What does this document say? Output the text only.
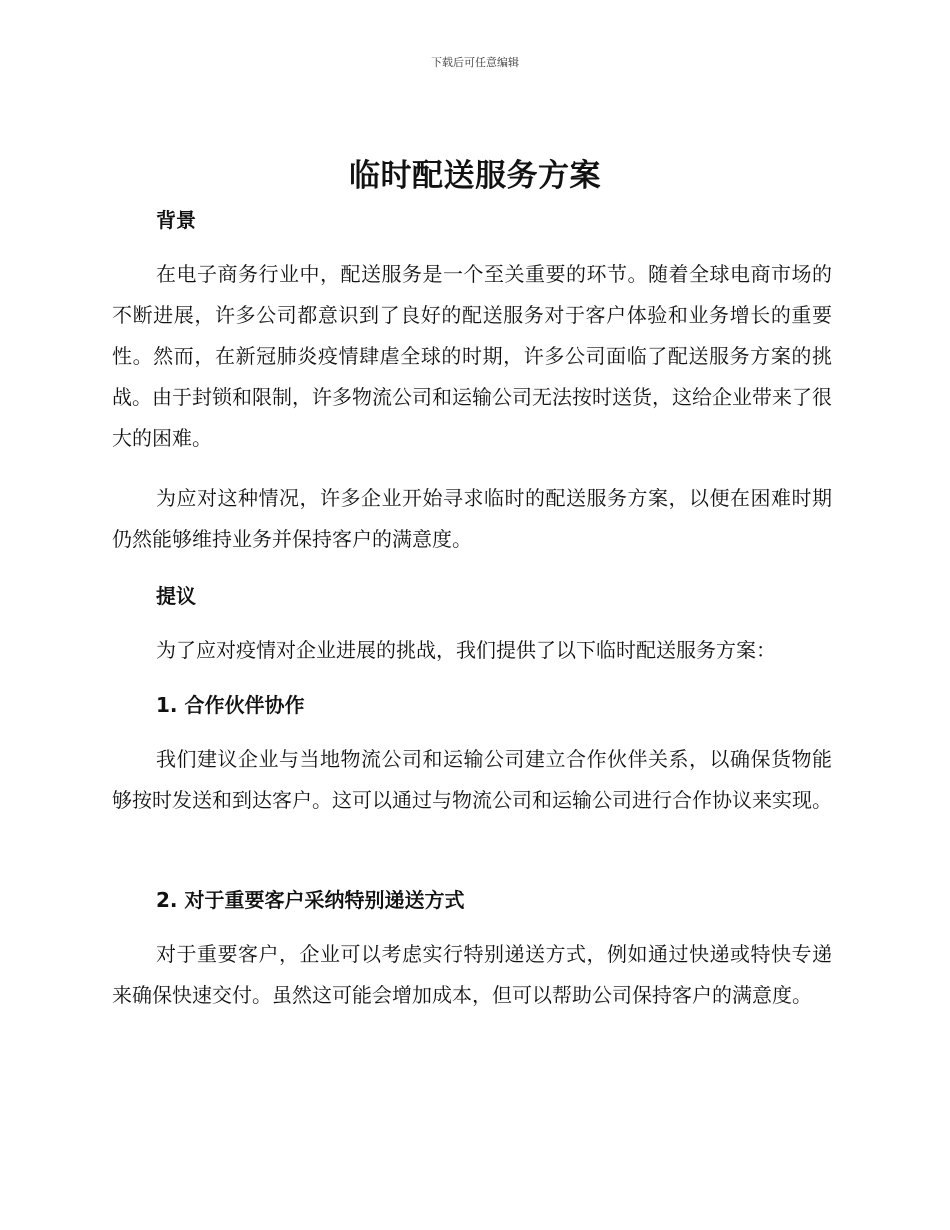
下载后可任意编辑
临时配送服务方案
背景

在电子商务行业中，配送服务是一个至关重要的环节。随着全球电商市场的不断进展，许多公司都意识到了良好的配送服务对于客户体验和业务增长的重要性。然而，在新冠肺炎疫情肆虐全球的时期，许多公司面临了配送服务方案的挑战。由于封锁和限制，许多物流公司和运输公司无法按时送货，这给企业带来了很大的困难。

为应对这种情况，许多企业开始寻求临时的配送服务方案，以便在困难时期仍然能够维持业务并保持客户的满意度。

提议

为了应对疫情对企业进展的挑战，我们提供了以下临时配送服务方案：

1. 合作伙伴协作

我们建议企业与当地物流公司和运输公司建立合作伙伴关系，以确保货物能够按时发送和到达客户。这可以通过与物流公司和运输公司进行合作协议来实现。

2. 对于重要客户采纳特别递送方式

对于重要客户，企业可以考虑实行特别递送方式，例如通过快递或特快专递来确保快速交付。虽然这可能会增加成本，但可以帮助公司保持客户的满意度。
